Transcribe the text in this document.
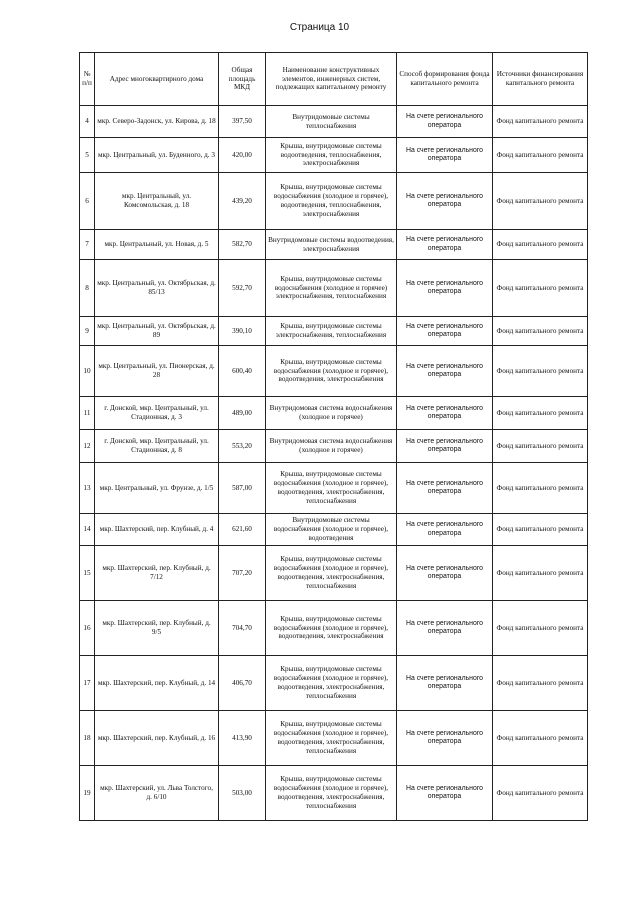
Страница 10
№ п/п	Адрес многоквартирного дома	Общая площадь МКД	Наименование конструктивных элементов, инженерных систем, подлежащих капитальному ремонту	Способ формирования фонда капитального ремонта	Источники финансирования капитального ремонта
4	мкр. Северо-Задонск, ул. Кирова, д. 18	397,50	Внутридомовые системы теплоснабжения	На счете регионального оператора	Фонд капитального ремонта
5	мкр. Центральный, ул. Буденного, д. 3	420,00	Крыша, внутридомовые системы водоотведения, теплоснабжения, электроснабжения	На счете регионального оператора	Фонд капитального ремонта
6	мкр. Центральный, ул. Комсомольская, д. 18	439,20	Крыша, внутридомовые системы водоснабжения (холодное и горячее), водоотведения, теплоснабжения, электроснабжения	На счете регионального оператора	Фонд капитального ремонта
7	мкр. Центральный, ул. Новая, д. 5	582,70	Внутридомовые системы водоотведения, электроснабжения	На счете регионального оператора	Фонд капитального ремонта
8	мкр. Центральный, ул. Октябрьская, д. 85/13	592,70	Крыша, внутридомовые системы водоснабжения (холодное и горячее) электроснабжения, теплоснабжения	На счете регионального оператора	Фонд капитального ремонта
9	мкр. Центральный, ул. Октябрьская, д. 89	390,10	Крыша, внутридомовые системы электроснабжения, теплоснабжения	На счете регионального оператора	Фонд капитального ремонта
10	мкр. Центральный, ул. Пионерская, д. 28	600,40	Крыша, внутридомовые системы водоснабжения (холодное и горячее), водоотведения, электроснабжения	На счете регионального оператора	Фонд капитального ремонта
11	г. Донской, мкр. Центральный, ул. Стадионная, д. 3	489,00	Внутридомовая система водоснабжения (холодное и горячее)	На счете регионального оператора	Фонд капитального ремонта
12	г. Донской, мкр. Центральный, ул. Стадионная, д. 8	553,20	Внутридомовая система водоснабжения (холодное и горячее)	На счете регионального оператора	Фонд капитального ремонта
13	мкр. Центральный, ул. Фрунзе, д. 1/5	587,00	Крыша, внутридомовые системы водоснабжения (холодное и горячее), водоотведения, электроснабжения, теплоснабжения	На счете регионального оператора	Фонд капитального ремонта
14	мкр. Шахтерский, пер. Клубный, д. 4	621,60	Внутридомовые системы водоснабжения (холодное и горячее), водоотведения	На счете регионального оператора	Фонд капитального ремонта
15	мкр. Шахтерский, пер. Клубный, д. 7/12	707,20	Крыша, внутридомовые системы водоснабжения (холодное и горячее), водоотведения, электроснабжения, теплоснабжения	На счете регионального оператора	Фонд капитального ремонта
16	мкр. Шахтерский, пер. Клубный, д. 9/5	704,70	Крыша, внутридомовые системы водоснабжения (холодное и горячее), водоотведения, электроснабжения	На счете регионального оператора	Фонд капитального ремонта
17	мкр. Шахтерский, пер. Клубный, д. 14	406,70	Крыша, внутридомовые системы водоснабжения (холодное и горячее), водоотведения, электроснабжения, теплоснабжения	На счете регионального оператора	Фонд капитального ремонта
18	мкр. Шахтерский, пер. Клубный, д. 16	413,90	Крыша, внутридомовые системы водоснабжения (холодное и горячее), водоотведения, электроснабжения, теплоснабжения	На счете регионального оператора	Фонд капитального ремонта
19	мкр. Шахтерский, ул. Льва Толстого, д. 6/10	503,00	Крыша, внутридомовые системы водоснабжения (холодное и горячее), водоотведения, электроснабжения, теплоснабжения	На счете регионального оператора	Фонд капитального ремонта
